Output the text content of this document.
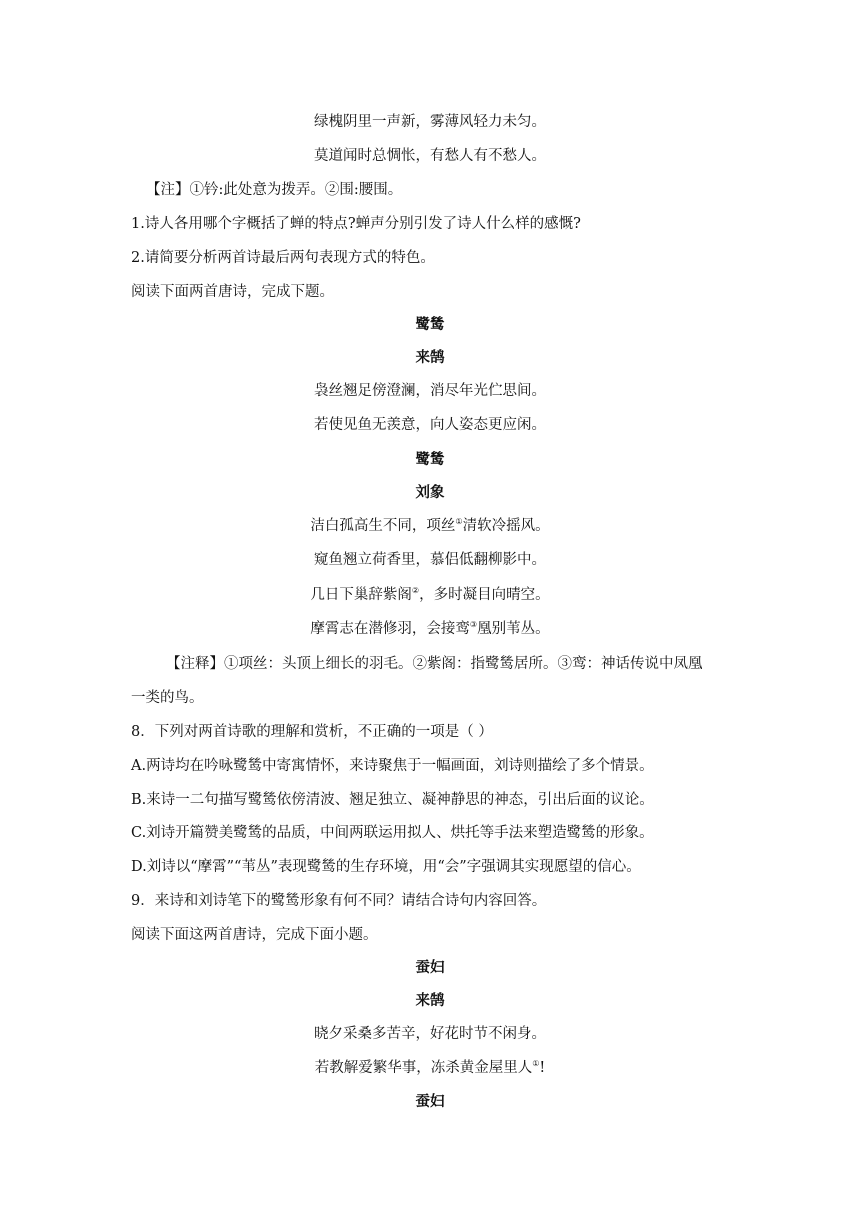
绿槐阴里一声新，雾薄风轻力未匀。
莫道闻时总惆怅，有愁人有不愁人。
【注】①钤:此处意为拨弄。②围:腰围。
1.诗人各用哪个字概括了蝉的特点?蝉声分别引发了诗人什么样的感慨?
2.请简要分析两首诗最后两句表现方式的特色。
阅读下面两首唐诗，完成下题。
鹭鸶
来鹄
袅丝翘足傍澄澜，消尽年光伫思间。
若使见鱼无羡意，向人姿态更应闲。
鹭鸶
刘象
洁白孤高生不同，项丝①清软冷摇风。
窥鱼翘立荷香里，慕侣低翻柳影中。
几日下巢辞紫阁②，多时凝目向晴空。
摩霄志在潜修羽，会接鸾③凰别苇丛。
【注释】①项丝：头顶上细长的羽毛。②紫阁：指鹭鸶居所。③鸾：神话传说中凤凰
一类的鸟。
8．下列对两首诗歌的理解和赏析，不正确的一项是（ ）
A.两诗均在吟咏鹭鸶中寄寓情怀，来诗聚焦于一幅画面，刘诗则描绘了多个情景。
B.来诗一二句描写鹭鸶依傍清波、翘足独立、凝神静思的神态，引出后面的议论。
C.刘诗开篇赞美鹭鸶的品质，中间两联运用拟人、烘托等手法来塑造鹭鸶的形象。
D.刘诗以“摩霄”“苇丛”表现鹭鸶的生存环境，用“会”字强调其实现愿望的信心。
9．来诗和刘诗笔下的鹭鸶形象有何不同？请结合诗句内容回答。
阅读下面这两首唐诗，完成下面小题。
蚕妇
来鹄
晓夕采桑多苦辛，好花时节不闲身。
若教解爱繁华事，冻杀黄金屋里人①!
蚕妇
